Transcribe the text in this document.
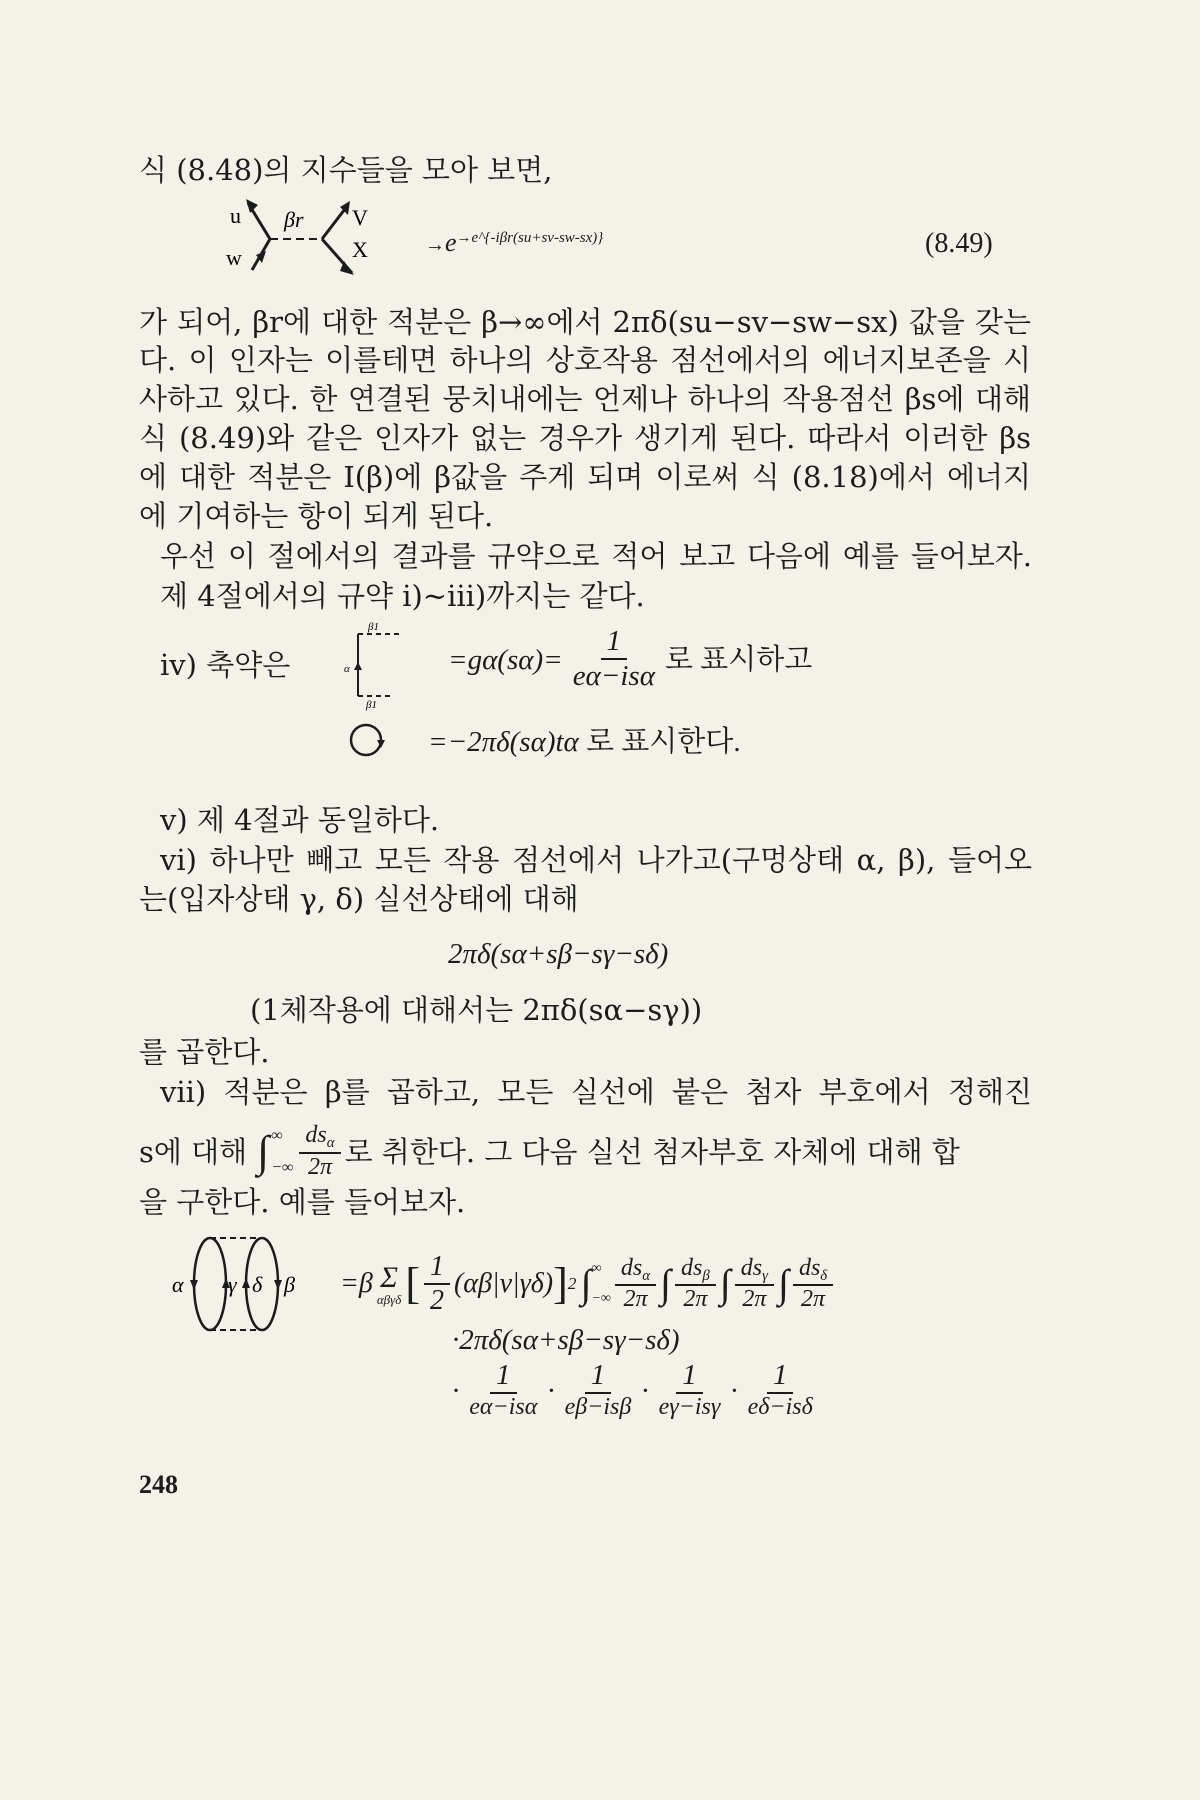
식 (8.48)의 지수들을 모아 보면,
u
w
βr V
X	$\to e^{\to e\^{}\{-i\beta r(su+sv-sw-sx)\}}$	(8.49)
가 되어, βr에 대한 적분은 β→∞에서 2πδ(su−sv−sw−sx) 값을 갖는
다. 이 인자는 이를테면 하나의 상호작용 점선에서의 에너지보존을 시
사하고 있다. 한 연결된 뭉치내에는 언제나 하나의 작용점선 βs에 대해
식 (8.49)와 같은 인자가 없는 경우가 생기게 된다. 따라서 이러한 βs
에 대한 적분은 I(β)에 β값을 주게 되며 이로써 식 (8.18)에서 에너지
에 기여하는 항이 되게 된다.
우선 이 절에서의 결과를 규약으로 적어 보고 다음에 예를 들어보자.
제 4절에서의 규약 i)~iii)까지는 같다.
iv) 축약은
β1
α
β1
$=g\alpha(s\alpha)= \frac{1}{\text{eα−isα}}$ 로 표시하고
=−2πδ(sα)tα 로 표시한다.
v) 제 4절과 동일하다.
vi) 하나만 빼고 모든 작용 점선에서 나가고(구멍상태 α, β), 들어오
는(입자상태 γ, δ) 실선상태에 대해
2πδ(sα+sβ−sγ−sδ)
(1체작용에 대해서는 2πδ(sα−sγ))
를 곱한다.
vii) 적분은 β를 곱하고, 모든 실선에 붙은 첨자 부호에서 정해진
s에 대해 ∫ ∞
−∞ $\frac{ds_\alpha}{2\pi}$ 로 취한다. 그 다음 실선 첨자부호 자체에 대해 합
을 구한다. 예를 들어보자.
α γ δ β =β Σ
αβγδ [ $\frac{1}{2} (\alpha\beta|v|\gamma\delta)$ ] 2 ∫ ∞
−∞ $\frac{ds_\alpha}{2\pi}$ ∫ $\frac{ds_\beta}{2\pi}$ ∫ $\frac{ds_\gamma}{2\pi}$ ∫ $\frac{ds_\delta}{2\pi}$
·2πδ(sα+sβ−sγ−sδ)
· $\frac{1}{\text{eα−isα}} \cdot \frac{1}{\text{eβ−isβ}} \cdot \frac{1}{\text{eγ−isγ}} \cdot \frac{1}{\text{eδ−isδ}}$
248
